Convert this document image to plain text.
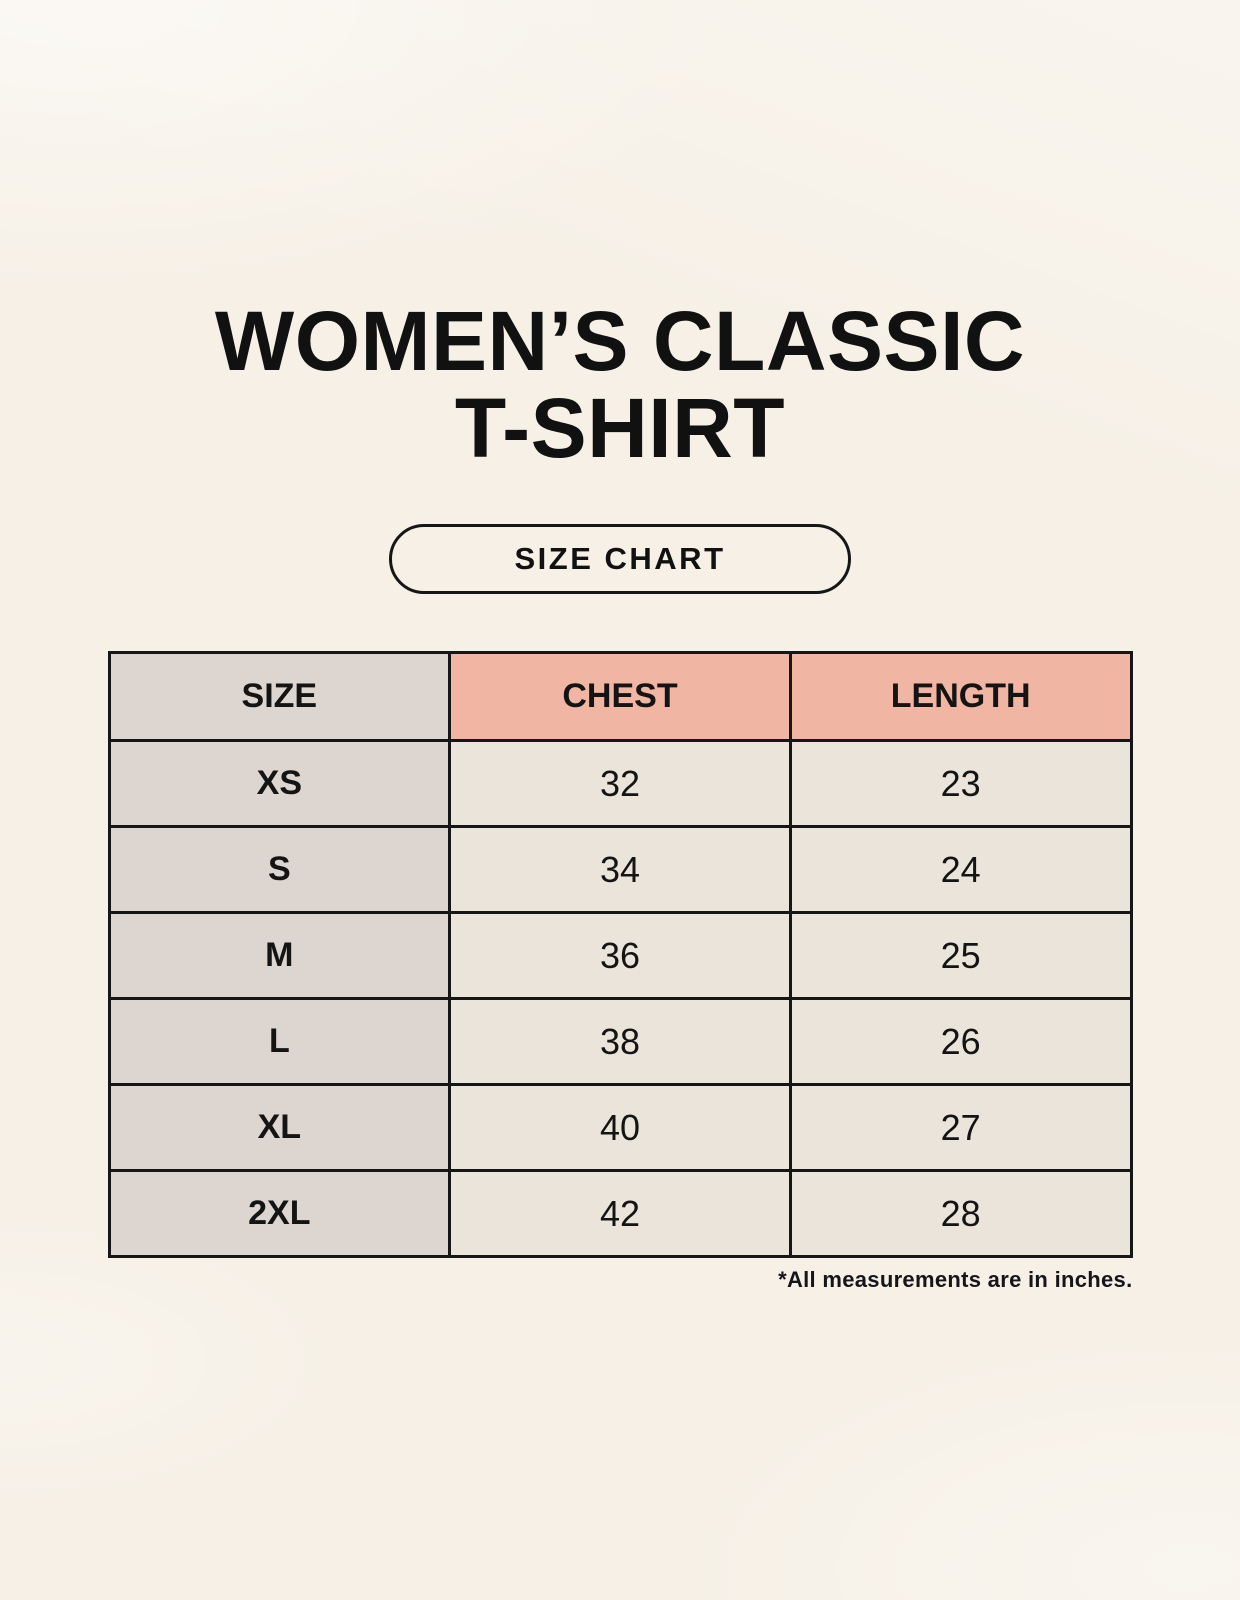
WOMEN’S CLASSIC
T-SHIRT
SIZE CHART
SIZE	CHEST	LENGTH
XS	32	23
S	34	24
M	36	25
L	38	26
XL	40	27
2XL	42	28
*All measurements are in inches.
